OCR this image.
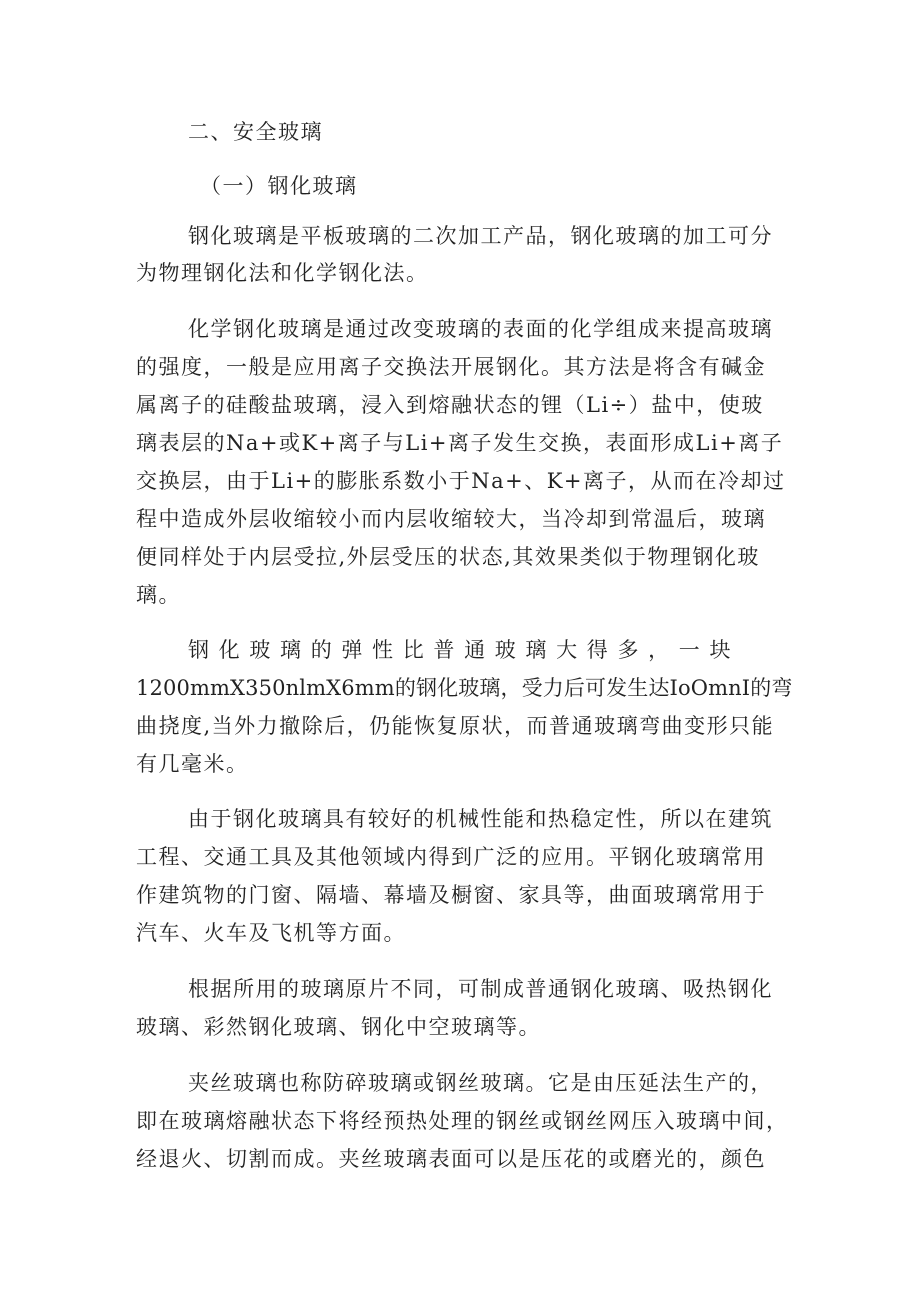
二、安全玻璃
（一）钢化玻璃
钢化玻璃是平板玻璃的二次加工产品，钢化玻璃的加工可分
为物理钢化法和化学钢化法。
化学钢化玻璃是通过改变玻璃的表面的化学组成来提高玻璃
的强度，一般是应用离子交换法开展钢化。其方法是将含有碱金
属离子的硅酸盐玻璃，浸入到熔融状态的锂（Li÷）盐中，使玻
璃表层的Na+或K+离子与Li+离子发生交换，表面形成Li+离子
交换层，由于Li+的膨胀系数小于Na+、K+离子，从而在冷却过
程中造成外层收缩较小而内层收缩较大，当冷却到常温后，玻璃
便同样处于内层受拉,外层受压的状态,其效果类似于物理钢化玻
璃。
钢 化 玻 璃 的 弹 性 比 普 通 玻 璃 大 得 多 ， 一 块
1200mmX350nlmX6mm的钢化玻璃，受力后可发生达IoOmnI的弯
曲挠度,当外力撤除后，仍能恢复原状，而普通玻璃弯曲变形只能
有几毫米。
由于钢化玻璃具有较好的机械性能和热稳定性，所以在建筑
工程、交通工具及其他领域内得到广泛的应用。平钢化玻璃常用
作建筑物的门窗、隔墙、幕墙及橱窗、家具等，曲面玻璃常用于
汽车、火车及飞机等方面。
根据所用的玻璃原片不同，可制成普通钢化玻璃、吸热钢化
玻璃、彩然钢化玻璃、钢化中空玻璃等。
夹丝玻璃也称防碎玻璃或钢丝玻璃。它是由压延法生产的，
即在玻璃熔融状态下将经预热处理的钢丝或钢丝网压入玻璃中间，
经退火、切割而成。夹丝玻璃表面可以是压花的或磨光的，颜色
